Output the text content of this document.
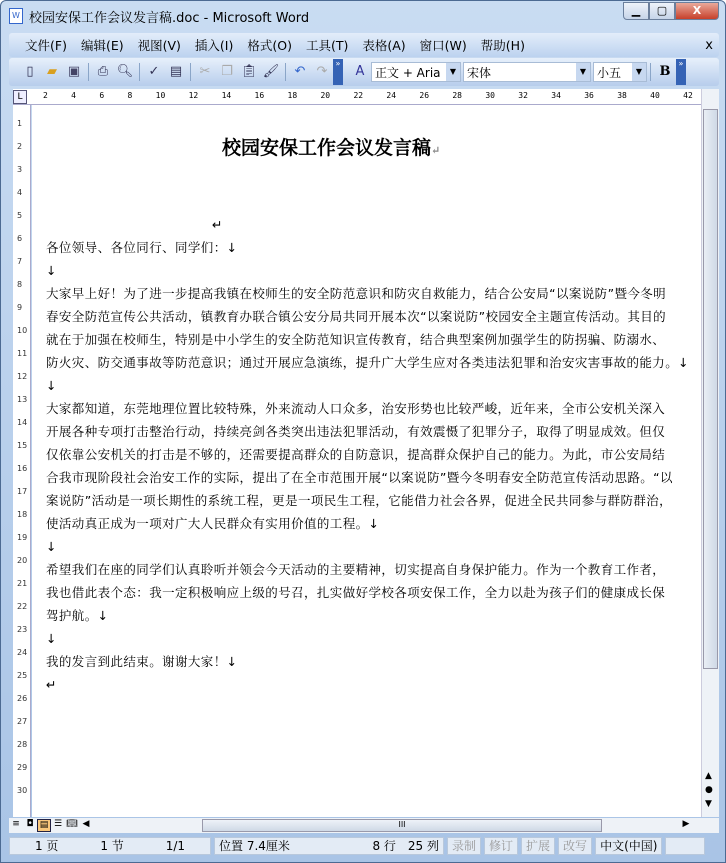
W 校园安保工作会议发言稿.doc - Microsoft Word	▁	▢	X
文件(F) 编辑(E) 视图(V) 插入(I) 格式(O) 工具(T) 表格(A) 窗口(W) 帮助(H)	x
▯	▰ ▣ ⎙ 🔍︎ ✓ ▤ ✂ ❐ 📋︎ 🖌︎ ↶ ↷
»
A 正文 + Aria	▼ 宋体	▼ 小五	▼	B
»
L	2	4	6	8	10	12	14	16	18	20	22	24	26	28	30	32	34	36	38	40	42
1
2
3
4
5
6
7
8
9
10
11
12
13
14
15
16
17
18
19
20
21
22
23
24
25
26
27
28
29
30
校园安保工作会议发言稿↵
↵
各位领导、各位同行、同学们：↓
↓
大家早上好！为了进一步提高我镇在校师生的安全防范意识和防灾自救能力，结合公安局“以案说防”暨今冬明
春安全防范宣传公共活动，镇教育办联合镇公安分局共同开展本次“以案说防”校园安全主题宣传活动。其目的
就在于加强在校师生，特别是中小学生的安全防范知识宣传教育，结合典型案例加强学生的防拐骗、防溺水、
防火灾、防交通事故等防范意识；通过开展应急演练，提升广大学生应对各类违法犯罪和治安灾害事故的能力。↓
↓
大家都知道，东莞地理位置比较特殊，外来流动人口众多，治安形势也比较严峻，近年来，全市公安机关深入
开展各种专项打击整治行动，持续亮剑各类突出违法犯罪活动，有效震慑了犯罪分子，取得了明显成效。但仅
仅依靠公安机关的打击是不够的，还需要提高群众的自防意识，提高群众保护自己的能力。为此，市公安局结
合我市现阶段社会治安工作的实际，提出了在全市范围开展“以案说防”暨今冬明春安全防范宣传活动思路。“以
案说防”活动是一项长期性的系统工程，更是一项民生工程，它能借力社会各界，促进全民共同参与群防群治，
使活动真正成为一项对广大人民群众有实用价值的工程。↓
↓
希望我们在座的同学们认真聆听并领会今天活动的主要精神，切实提高自身保护能力。作为一个教育工作者，
我也借此表个态：我一定积极响应上级的号召，扎实做好学校各项安保工作，全力以赴为孩子们的健康成长保
驾护航。↓
↓
我的发言到此结束。谢谢大家！↓
↵
▲
●
▼
≡ ◘ ▤ ☰ 📖︎ ◀	III	▶
1 页	1 节	1/1	位置 7.4厘米	8 行 25 列	录制	修订	扩展	改写	中文(中国)
